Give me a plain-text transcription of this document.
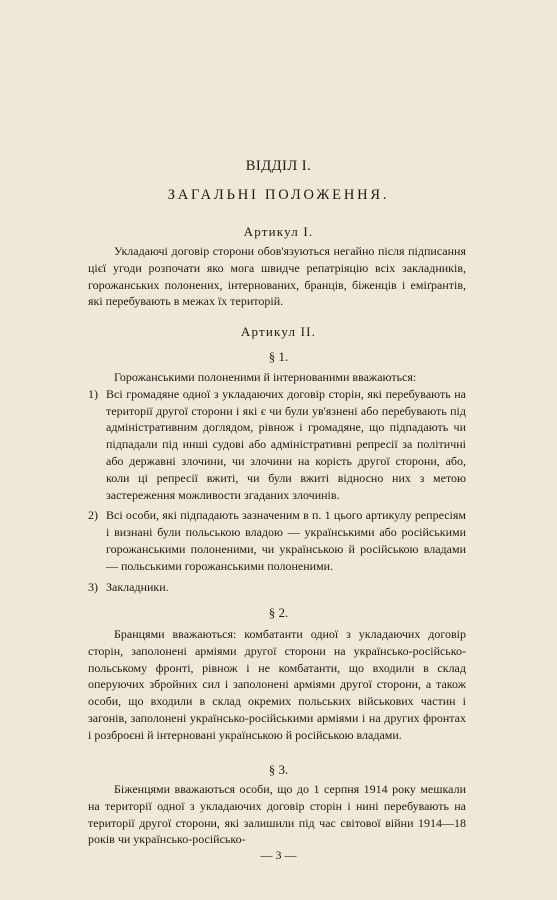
ВІДДІЛ І.
ЗАГАЛЬНІ ПОЛОЖЕННЯ.
Артикул І.

Укладаючі договір сторони обов'язуються негайно після підписання цієї угоди розпочати яко мога швидче репатріяцію всіх закладників, горожанських полонених, інтернованих, бранців, біженців і еміґрантів, які перебувають в межах їх територій.

Артикул ІІ.
§ 1.
Горожанськими полоненими й інтернованими вважаються:
1) Всі громадяне одної з укладаючих договір сторін, які перебувають на території другої сторони і які є чи були ув'язнені або перебувають під адміністративним доглядом, рівнож і громадяне, що підпадають чи підпадали під инші судові або адміністративні репресії за політичні або державні злочини, чи злочини на корість другої сторони, або, коли ці репресії вжиті, чи були вжиті відносно них з метою застереження можливости згаданих злочинів.
2) Всі особи, які підпадають зазначеним в п. 1 цього артикулу репресіям і визнані були польською владою — українськими або російськими горожанськими полоненими, чи українською й російською владами — польськими горожанськими полоненими.
3) Закладники.
§ 2.

Бранцями вважаються: комбатанти одної з укладаючих договір сторін, заполонені арміями другої сторони на українсько-російсько-польському фронті, рівнож і не комбатанти, що входили в склад оперуючих збройних сил і заполонені арміями другої сторони, а також особи, що входили в склад окремих польських військових частин і загонів, заполонені українсько-російськими арміями і на других фронтах і розброєні й інтерновані українською й російською владами.

§ 3.

Біженцями вважаються особи, що до 1 серпня 1914 року мешкали на території одної з укладаючих договір сторін і нині перебувають на території другої сторони, які залишили під час світової війни 1914—18 років чи українсько-російсько-

— 3 —
